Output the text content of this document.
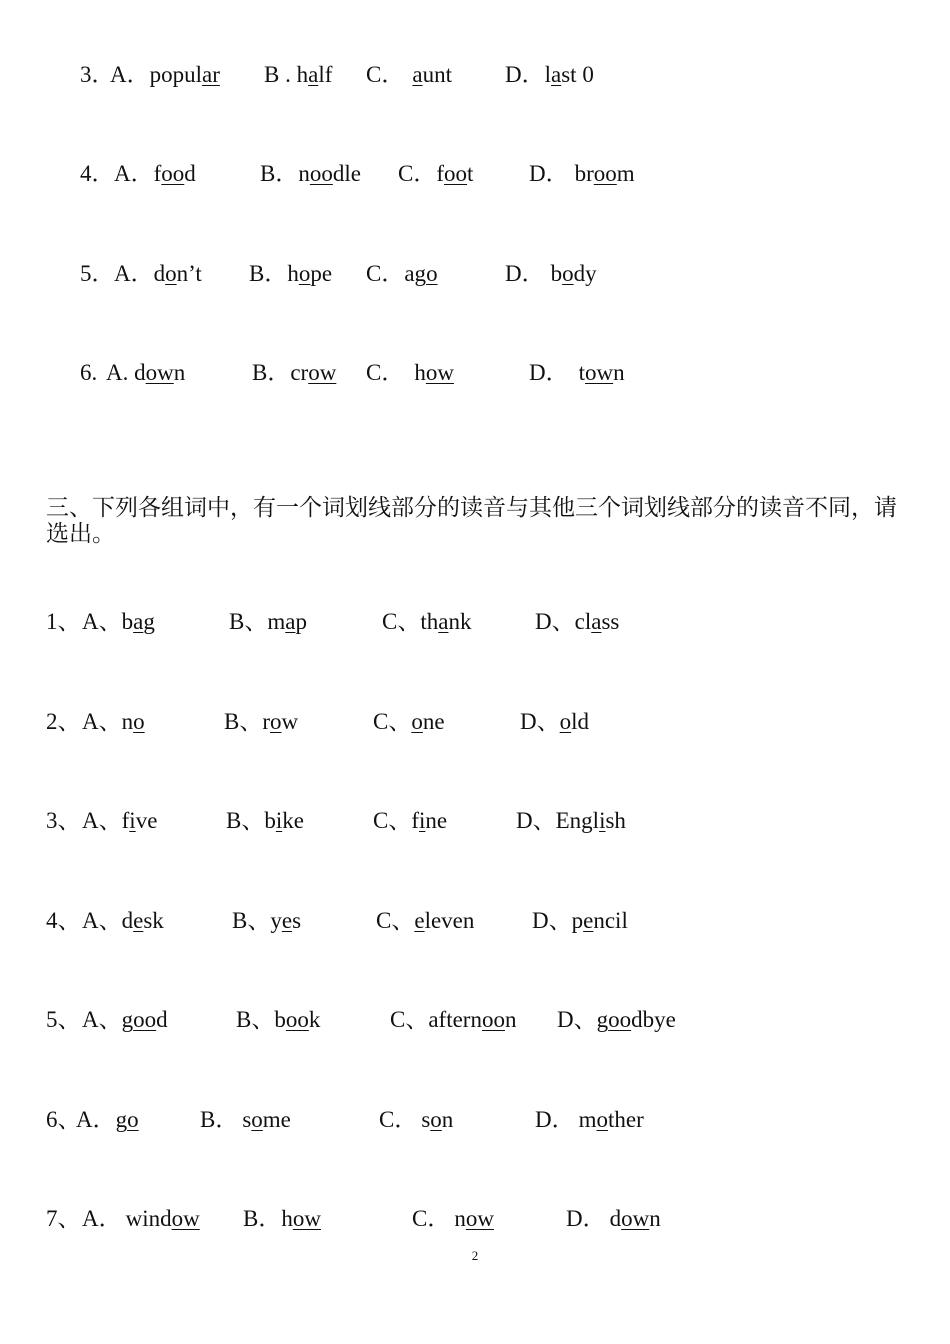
3．
A．popular B . half C． aunt D．last 0
4． A．food	B．noodle C．foot D． broom
5． A．don’t B．hope C．ago	D． body
6. A. down	B．crow C． how	D． town
三、下列各组词中，有一个词划线部分的读音与其他三个词划线部分的读音不同，请选出。
1、 A、bag	B、map	C、thank	D、class
2、 A、no	B、row	C、one	D、old
3、 A、five	B、bike	C、fine	D、English
4、 A、desk	B、yes	C、eleven	D、pencil
5、 A、good	B、book	C、afternoon D、goodbye
6、
A．go	B． some	C． son	D． mother
7、 A． window B．how	C． now	D． down
2
